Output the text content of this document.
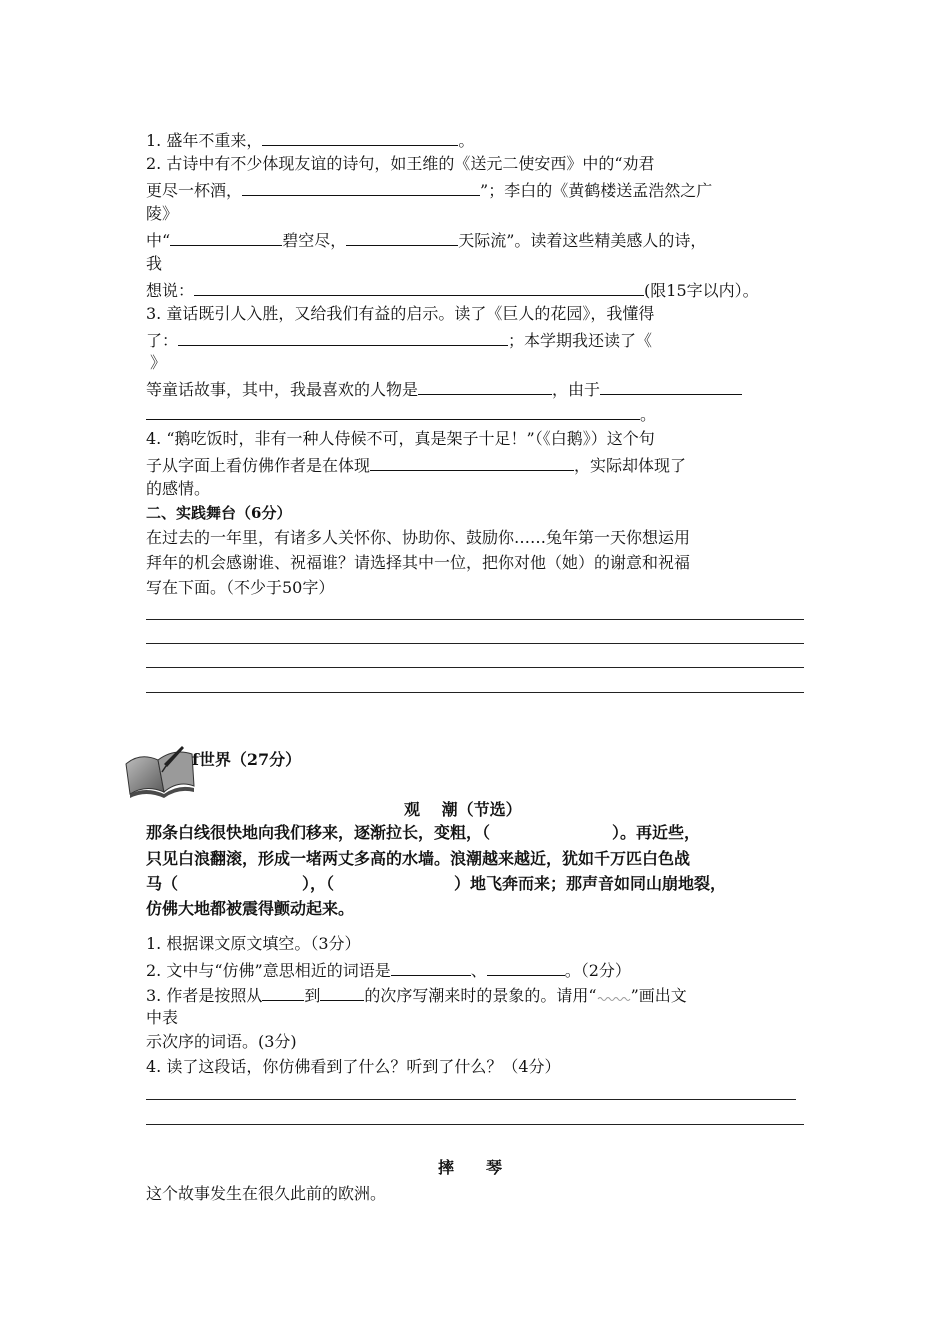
1. 盛年不重来，	。
2. 古诗中有不少体现友谊的诗句，如王维的《送元二使安西》中的“劝君
更尽一杯酒，	”；李白的《黄鹤楼送孟浩然之广
陵》
中“	碧空尽，	天际流”。读着这些精美感人的诗，
我
想说：	(限15字以内）。
3. 童话既引人入胜，又给我们有益的启示。读了《巨人的花园》，我懂得
了：	；本学期我还读了《
》
等童话故事，其中，我最喜欢的人物是	，由于
。
4. “鹅吃饭时，非有一种人侍候不可，真是架子十足！”（《白鹅》）这个句
子从字面上看仿佛作者是在体现	，实际却体现了
的感情。
二、实践舞台（6分）
在过去的一年里，有诸多人关怀你、协助你、鼓励你……兔年第一天你想运用
拜年的机会感谢谁、祝福谁？请选择其中一位，把你对他（她）的谢意和祝福
写在下面。（不少于50字）
f世界（27分）
观　 潮（节选）
那条白线很快地向我们移来，逐渐拉长，变粗，（	）。再近些，
只见白浪翻滚，形成一堵两丈多高的水墙。浪潮越来越近，犹如千万匹白色战
马（	），（	）地飞奔而来；那声音如同山崩地裂，
仿佛大地都被震得颤动起来。
1. 根据课文原文填空。（3分）
2. 文中与“仿佛”意思相近的词语是	、	。（2分）
3. 作者是按照从	到	的次序写潮来时的景象的。请用“ ”画出文
中表
示次序的词语。(3分)
4. 读了这段话，你仿佛看到了什么？听到了什么？（4分）
摔　　琴
这个故事发生在很久此前的欧洲。
